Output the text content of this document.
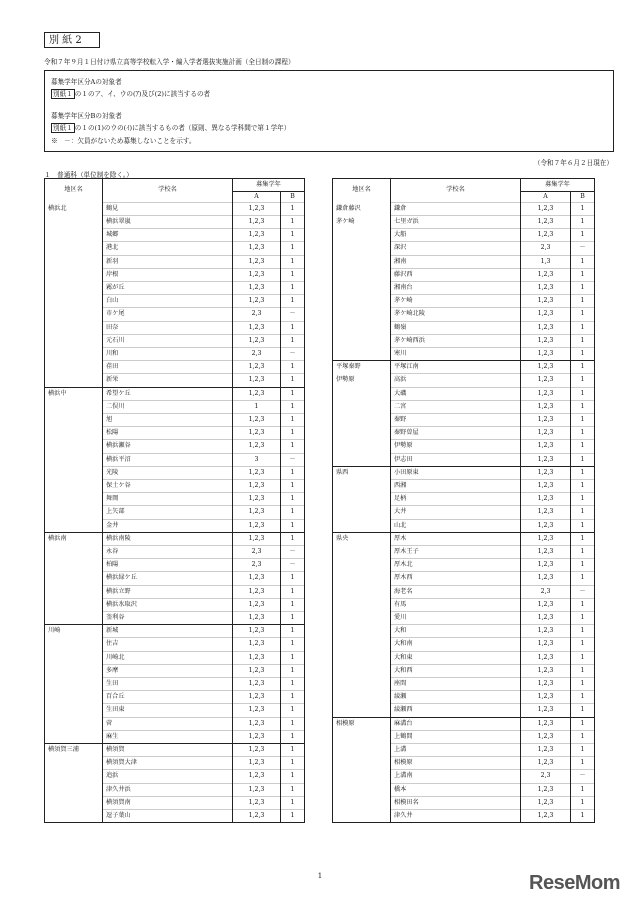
別 紙 2
令和７年９月１日付け県立高等学校転入学・編入学者選抜実施計画（全日制の課程）
募集学年区分Aの対象者
別紙１ の１のア、イ、ウの(ｱ)及び(2)に該当するの者
募集学年区分Bの対象者
別紙１ の１の(1)のウの(ｲ)に該当するもの者（原則、異なる学科間で第１学年）
※　－：欠員がないため募集しないことを示す。
（令和７年６月２日現在）
１　普通科（単位制を除く。）
地区名	学校名	募集学年	
		A	B
横浜北	鶴見	1,2,3	1
	横浜翠嵐	1,2,3	1
	城郷	1,2,3	1
	港北	1,2,3	1
	新羽	1,2,3	1
	岸根	1,2,3	1
	霧が丘	1,2,3	1
	白山	1,2,3	1
	市ケ尾	2,3	－
	田奈	1,2,3	1
	元石川	1,2,3	1
	川和	2,3	－
	荏田	1,2,3	1
	新栄	1,2,3	1
横浜中	希望ケ丘	1,2,3	1
	二俣川	1	1
	旭	1,2,3	1
	松陽	1,2,3	1
	横浜瀬谷	1,2,3	1
	横浜平沼	3	－
	光陵	1,2,3	1
	保土ケ谷	1,2,3	1
	舞岡	1,2,3	1
	上矢部	1,2,3	1
	金井	1,2,3	1
横浜南	横浜南陵	1,2,3	1
	永谷	2,3	－
	柏陽	2,3	－
	横浜緑ケ丘	1,2,3	1
	横浜立野	1,2,3	1
	横浜氷取沢	1,2,3	1
	釜利谷	1,2,3	1
川崎	新城	1,2,3	1
	住吉	1,2,3	1
	川崎北	1,2,3	1
	多摩	1,2,3	1
	生田	1,2,3	1
	百合丘	1,2,3	1
	生田東	1,2,3	1
	菅	1,2,3	1
	麻生	1,2,3	1
横須賀三浦	横須賀	1,2,3	1
	横須賀大津	1,2,3	1
	追浜	1,2,3	1
	津久井浜	1,2,3	1
	横須賀南	1,2,3	1
	逗子葉山	1,2,3	1
地区名	学校名	募集学年	
		A	B
鎌倉藤沢	鎌倉	1,2,3	1
茅ケ崎	七里ガ浜	1,2,3	1
	大船	1,2,3	1
	深沢	2,3	－
	湘南	1,3	1
	藤沢西	1,2,3	1
	湘南台	1,2,3	1
	茅ケ崎	1,2,3	1
	茅ケ崎北陵	1,2,3	1
	鶴嶺	1,2,3	1
	茅ケ崎西浜	1,2,3	1
	寒川	1,2,3	1
平塚秦野	平塚江南	1,2,3	1
伊勢原	高浜	1,2,3	1
	大磯	1,2,3	1
	二宮	1,2,3	1
	秦野	1,2,3	1
	秦野曽屋	1,2,3	1
	伊勢原	1,2,3	1
	伊志田	1,2,3	1
県西	小田原東	1,2,3	1
	西湘	1,2,3	1
	足柄	1,2,3	1
	大井	1,2,3	1
	山北	1,2,3	1
県央	厚木	1,2,3	1
	厚木王子	1,2,3	1
	厚木北	1,2,3	1
	厚木西	1,2,3	1
	海老名	2,3	－
	有馬	1,2,3	1
	愛川	1,2,3	1
	大和	1,2,3	1
	大和南	1,2,3	1
	大和東	1,2,3	1
	大和西	1,2,3	1
	座間	1,2,3	1
	綾瀬	1,2,3	1
	綾瀬西	1,2,3	1
相模原	麻溝台	1,2,3	1
	上鶴間	1,2,3	1
	上溝	1,2,3	1
	相模原	1,2,3	1
	上溝南	2,3	－
	橋本	1,2,3	1
	相模田名	1,2,3	1
	津久井	1,2,3	1
1	ReseMom
